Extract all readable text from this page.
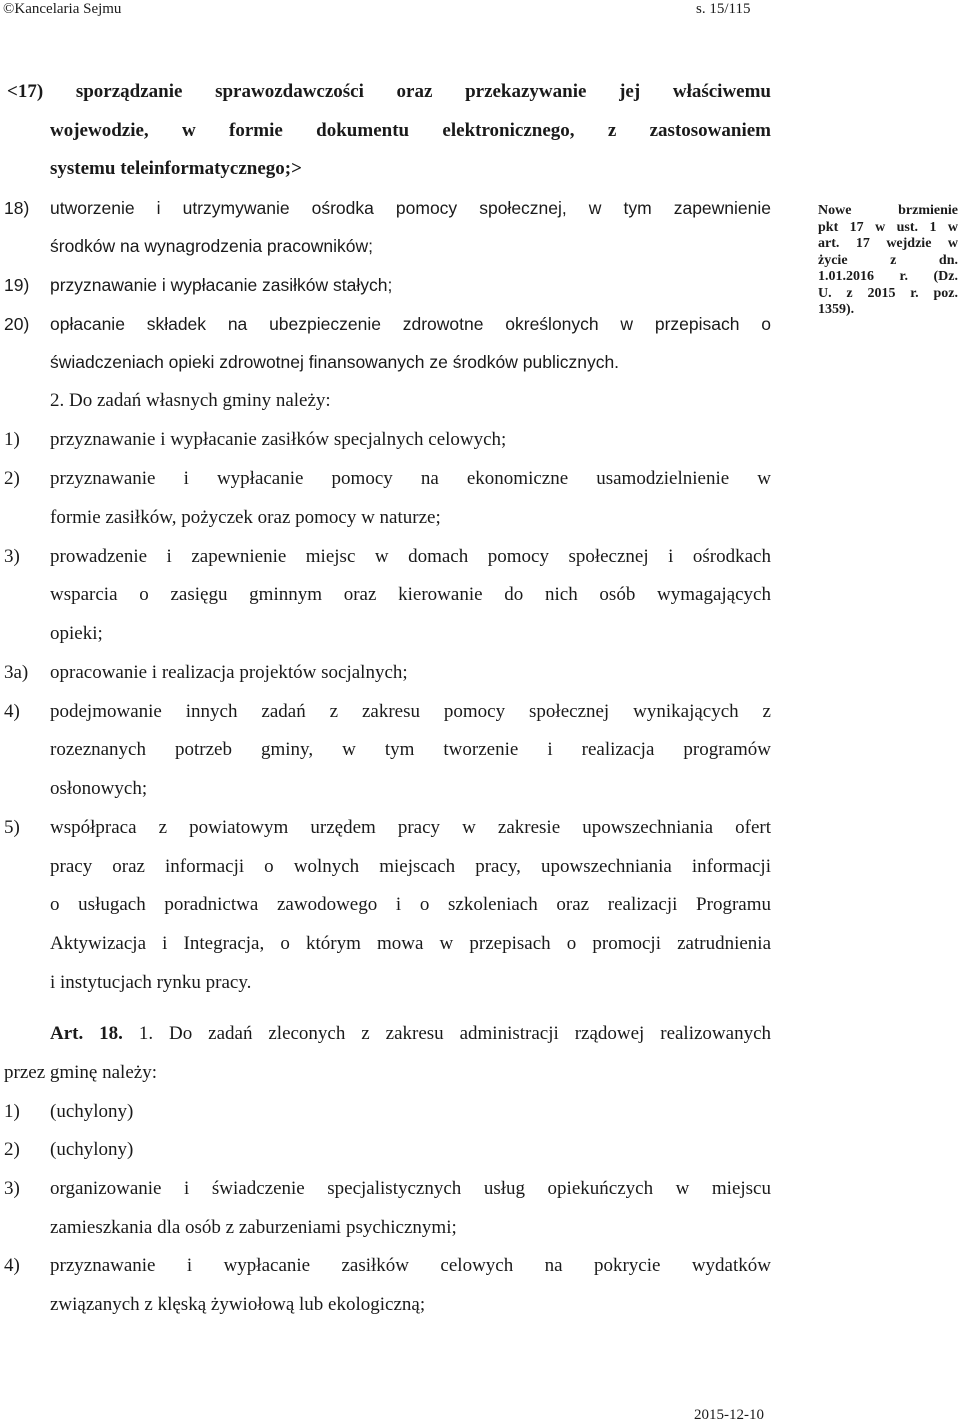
©Kancelaria Sejmu	s. 15/115
<17) sporządzanie sprawozdawczości oraz przekazywanie jej właściwemu
wojewodzie, w formie dokumentu elektronicznego, z zastosowaniem
systemu teleinformatycznego;>
18) utworzenie i utrzymywanie ośrodka pomocy społecznej, w tym zapewnienie
środków na wynagrodzenia pracowników;
19) przyznawanie i wypłacanie zasiłków stałych;
20) opłacanie składek na ubezpieczenie zdrowotne określonych w przepisach o
świadczeniach opieki zdrowotnej finansowanych ze środków publicznych.
Nowe brzmienie
pkt 17 w ust. 1 w
art. 17 wejdzie w
życie z dn.
1.01.2016 r. (Dz.
U. z 2015 r. poz.
1359).
2. Do zadań własnych gminy należy:
1) przyznawanie i wypłacanie zasiłków specjalnych celowych;
2) przyznawanie i wypłacanie pomocy na ekonomiczne usamodzielnienie w
formie zasiłków, pożyczek oraz pomocy w naturze;
3) prowadzenie i zapewnienie miejsc w domach pomocy społecznej i ośrodkach
wsparcia o zasięgu gminnym oraz kierowanie do nich osób wymagających
opieki;
3a) opracowanie i realizacja projektów socjalnych;
4) podejmowanie innych zadań z zakresu pomocy społecznej wynikających z
rozeznanych potrzeb gminy, w tym tworzenie i realizacja programów
osłonowych;
5) współpraca z powiatowym urzędem pracy w zakresie upowszechniania ofert
pracy oraz informacji o wolnych miejscach pracy, upowszechniania informacji
o usługach poradnictwa zawodowego i o szkoleniach oraz realizacji Programu
Aktywizacja i Integracja, o którym mowa w przepisach o promocji zatrudnienia
i instytucjach rynku pracy.
Art. 18. 1. Do zadań zleconych z zakresu administracji rządowej realizowanych
przez gminę należy:
1) (uchylony)
2) (uchylony)
3) organizowanie i świadczenie specjalistycznych usług opiekuńczych w miejscu
zamieszkania dla osób z zaburzeniami psychicznymi;
4) przyznawanie i wypłacanie zasiłków celowych na pokrycie wydatków
związanych z klęską żywiołową lub ekologiczną;
2015-12-10
